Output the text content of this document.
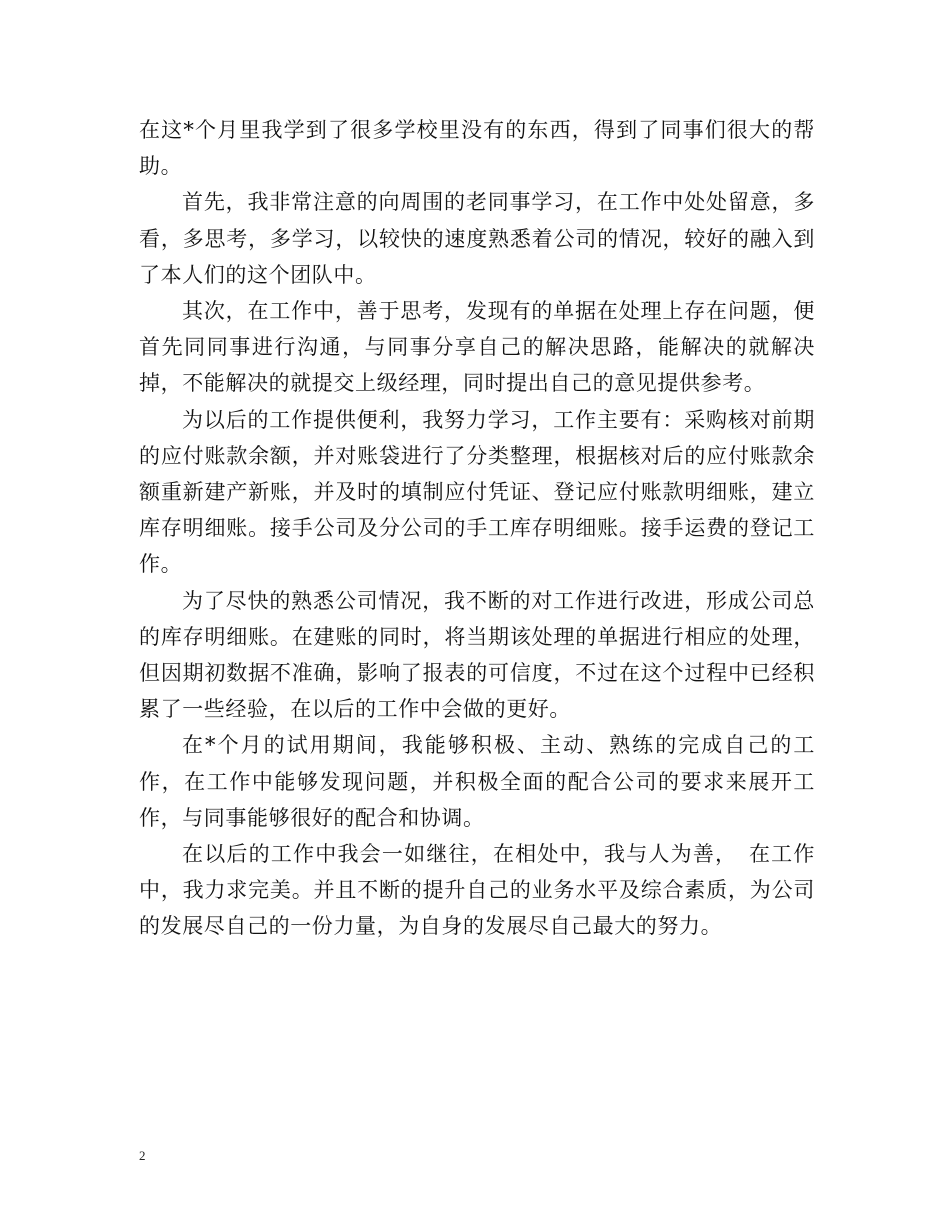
在这*个月里我学到了很多学校里没有的东西，得到了同事们很大的帮助。

首先，我非常注意的向周围的老同事学习，在工作中处处留意，多看，多思考，多学习，以较快的速度熟悉着公司的情况，较好的融入到了本人们的这个团队中。

其次，在工作中，善于思考，发现有的单据在处理上存在问题，便首先同同事进行沟通，与同事分享自己的解决思路，能解决的就解决掉，不能解决的就提交上级经理，同时提出自己的意见提供参考。

为以后的工作提供便利，我努力学习，工作主要有：采购核对前期的应付账款余额，并对账袋进行了分类整理，根据核对后的应付账款余额重新建产新账，并及时的填制应付凭证、登记应付账款明细账，建立库存明细账。接手公司及分公司的手工库存明细账。接手运费的登记工作。

为了尽快的熟悉公司情况，我不断的对工作进行改进，形成公司总的库存明细账。在建账的同时，将当期该处理的单据进行相应的处理，但因期初数据不准确，影响了报表的可信度，不过在这个过程中已经积累了一些经验，在以后的工作中会做的更好。

在*个月的试用期间，我能够积极、主动、熟练的完成自己的工作，在工作中能够发现问题，并积极全面的配合公司的要求来展开工作，与同事能够很好的配合和协调。

在以后的工作中我会一如继往，在相处中，我与人为善，　在工作中，我力求完美。并且不断的提升自己的业务水平及综合素质，为公司的发展尽自己的一份力量，为自身的发展尽自己最大的努力。

2
